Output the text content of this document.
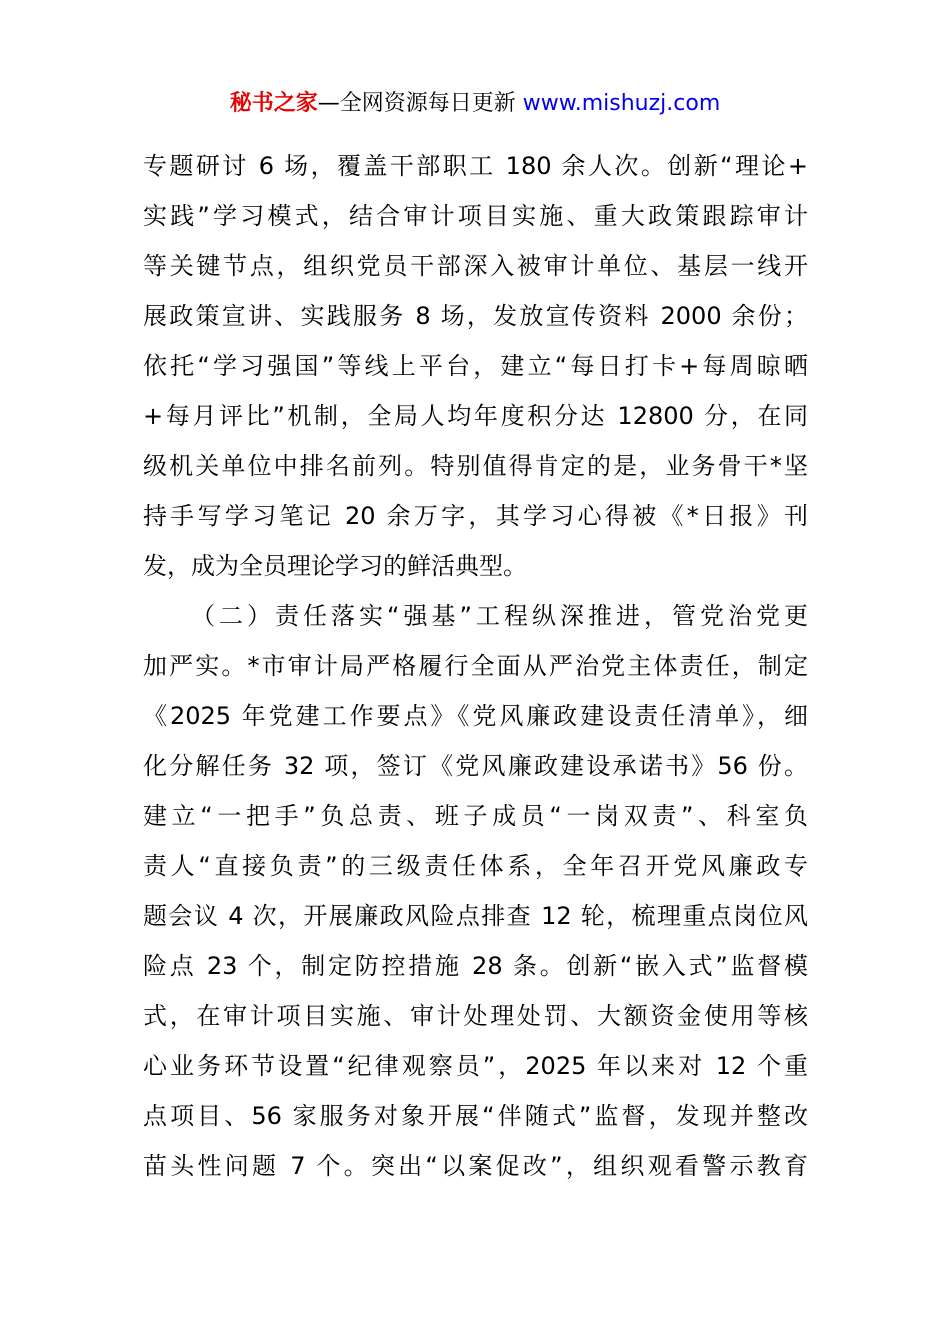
秘书之家—全网资源每日更新 www.mishuzj.com
专题研讨 6 场，覆盖干部职工 180 余人次。创新“理论+
实践”学习模式，结合审计项目实施、重大政策跟踪审计
等关键节点，组织党员干部深入被审计单位、基层一线开
展政策宣讲、实践服务 8 场，发放宣传资料 2000 余份；
依托“学习强国”等线上平台，建立“每日打卡+每周晾晒
+每月评比”机制，全局人均年度积分达 12800 分，在同
级机关单位中排名前列。特别值得肯定的是，业务骨干*坚
持手写学习笔记 20 余万字，其学习心得被《*日报》刊
发，成为全员理论学习的鲜活典型。
（二）责任落实“强基”工程纵深推进，管党治党更
加严实。*市审计局严格履行全面从严治党主体责任，制定
《2025 年党建工作要点》《党风廉政建设责任清单》，细
化分解任务 32 项，签订《党风廉政建设承诺书》56 份。
建立“一把手”负总责、班子成员“一岗双责”、科室负
责人“直接负责”的三级责任体系，全年召开党风廉政专
题会议 4 次，开展廉政风险点排查 12 轮，梳理重点岗位风
险点 23 个，制定防控措施 28 条。创新“嵌入式”监督模
式，在审计项目实施、审计处理处罚、大额资金使用等核
心业务环节设置“纪律观察员”，2025 年以来对 12 个重
点项目、56 家服务对象开展“伴随式”监督，发现并整改
苗头性问题 7 个。突出“以案促改”，组织观看警示教育
